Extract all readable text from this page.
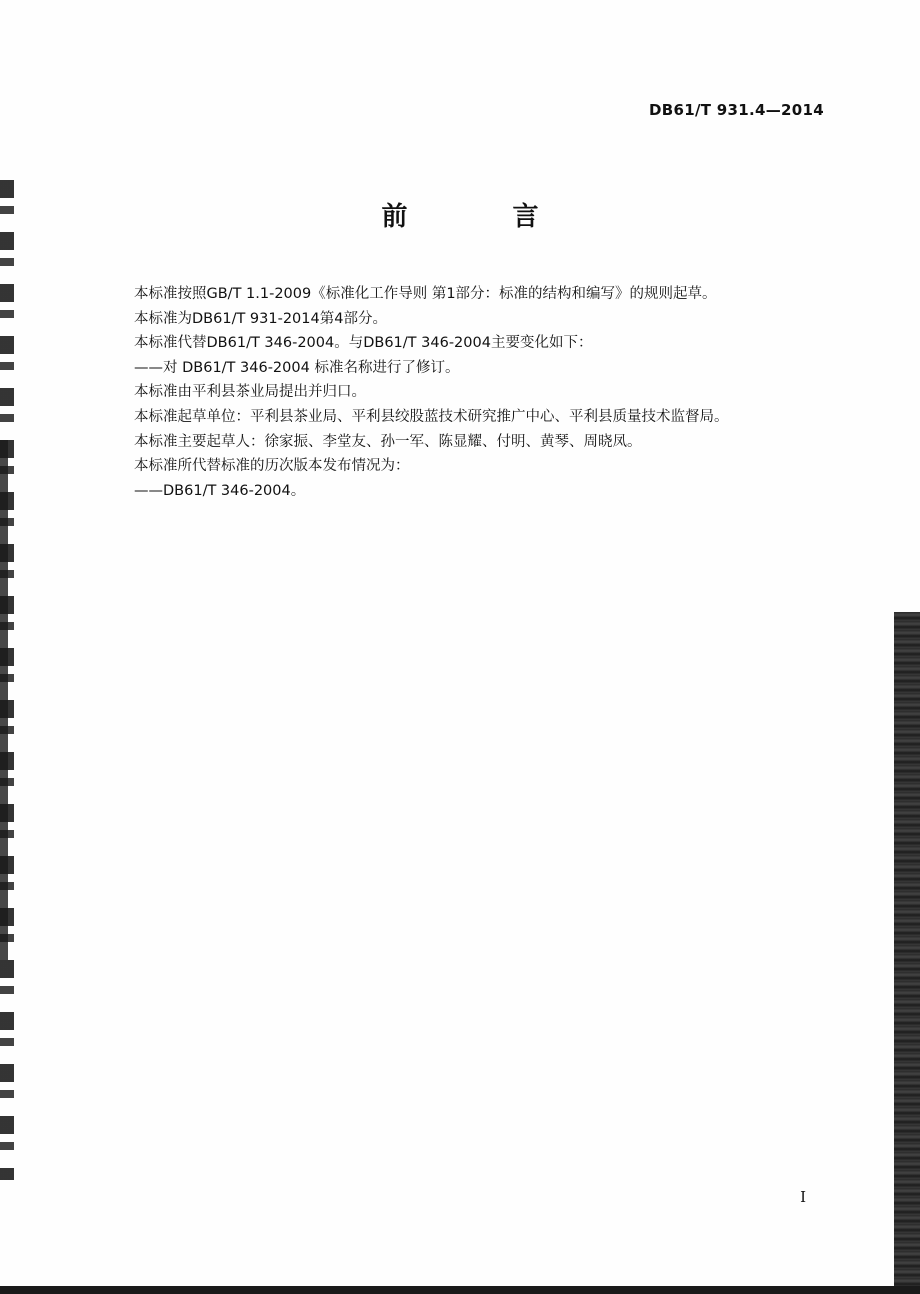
DB61/T 931.4—2014
前 言

本标准按照GB/T 1.1-2009《标准化工作导则 第1部分：标准的结构和编写》的规则起草。

本标准为DB61/T 931-2014第4部分。

本标准代替DB61/T 346-2004。与DB61/T 346-2004主要变化如下：

——对 DB61/T 346-2004 标准名称进行了修订。

本标准由平利县茶业局提出并归口。

本标准起草单位：平利县茶业局、平利县绞股蓝技术研究推广中心、平利县质量技术监督局。

本标准主要起草人：徐家振、李堂友、孙一军、陈显耀、付明、黄琴、周晓凤。

本标准所代替标准的历次版本发布情况为：

——DB61/T 346-2004。

I
